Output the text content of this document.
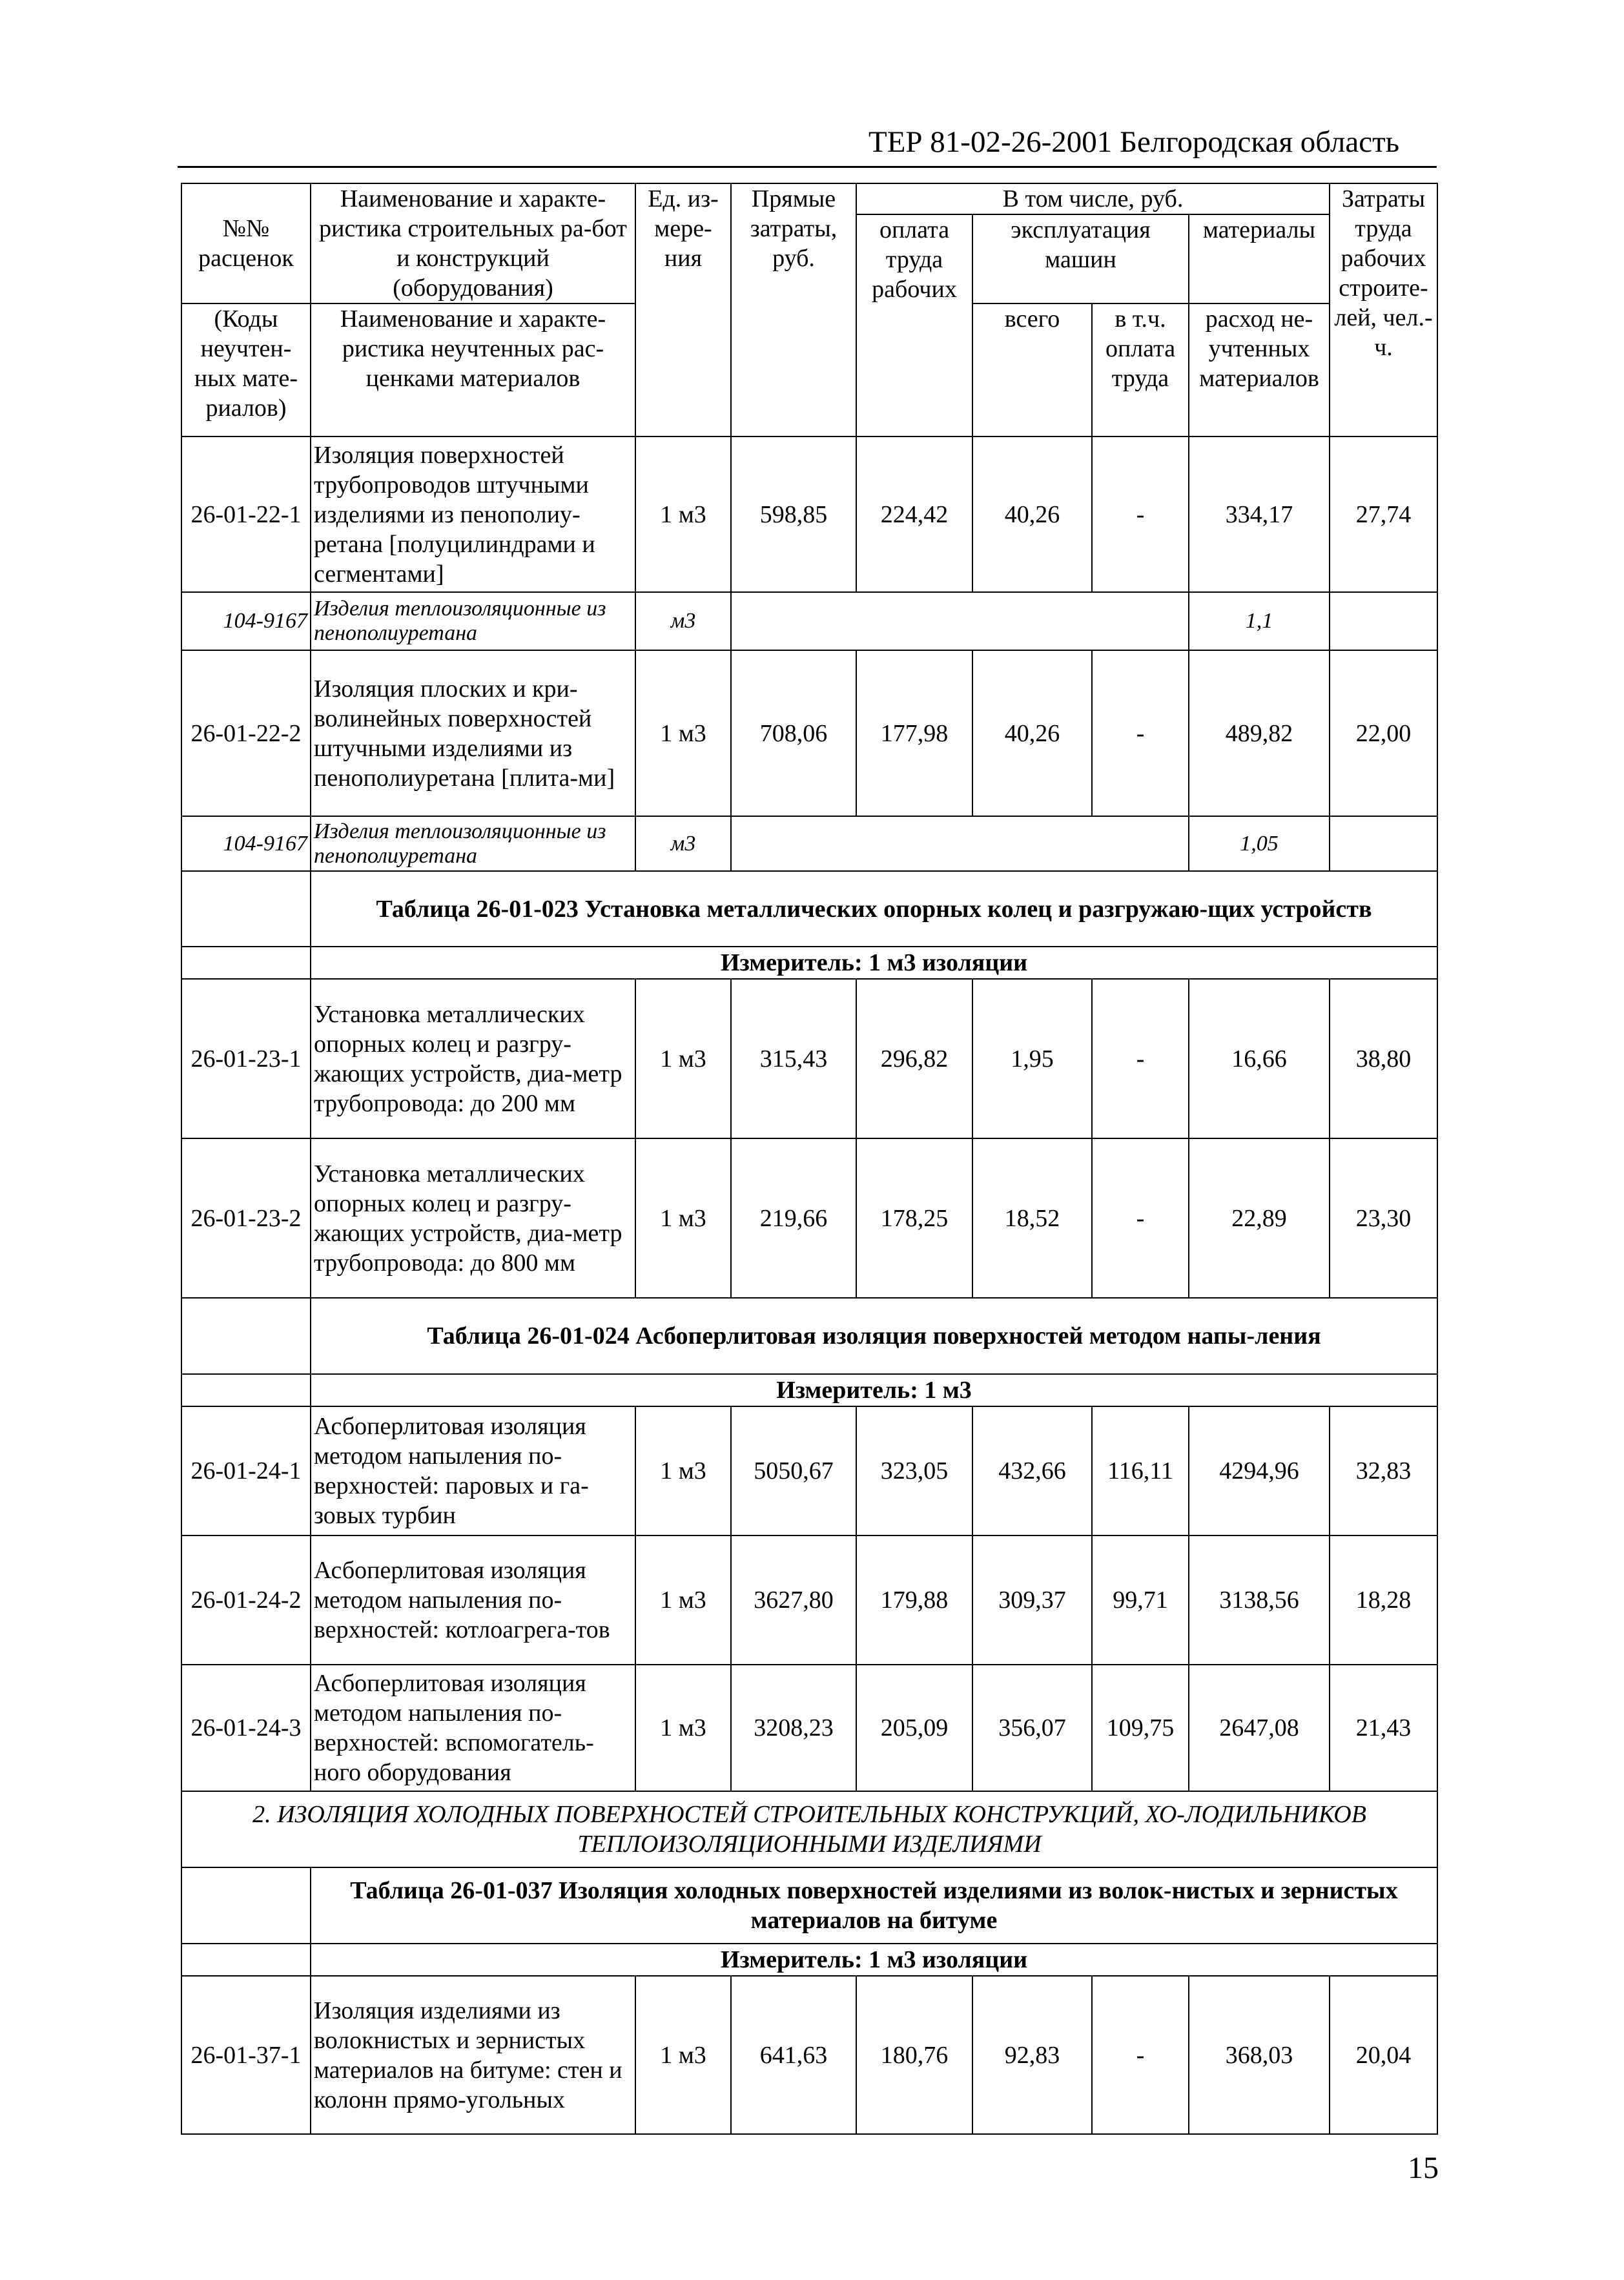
ТЕР 81-02-26-2001 Белгородская область
№№ расценок	Наименование и характе-ристика строительных ра-бот и конструкций (оборудования)	Ед. из-мере-ния	Прямые затраты, руб.	В том числе, руб.				Затраты труда рабочих строите-лей, чел.-ч.
				оплата труда рабочих	эксплуатация машин		материалы	
(Коды неучтен-ных мате-риалов)	Наименование и характе-ристика неучтенных рас-ценками материалов				всего	в т.ч. оплата труда	расход не-учтенных материалов	

26-01-22-1	Изоляция поверхностей трубопроводов штучными изделиями из пенополиу-ретана [полуцилиндрами и сегментами]	1 м3	598,85	224,42	40,26	-	334,17	27,74
104-9167	Изделия теплоизоляционные из пенополиуретана	м3					1,1	
26-01-22-2	Изоляция плоских и кри-волинейных поверхностей штучными изделиями из пенополиуретана [плита-ми]	1 м3	708,06	177,98	40,26	-	489,82	22,00
104-9167	Изделия теплоизоляционные из пенополиуретана	м3					1,05	
	Таблица 26-01-023 Установка металлических опорных колец и разгружаю-щих устройств							
	Измеритель: 1 м3 изоляции							
26-01-23-1	Установка металлических опорных колец и разгру-жающих устройств, диа-метр трубопровода: до 200 мм	1 м3	315,43	296,82	1,95	-	16,66	38,80
26-01-23-2	Установка металлических опорных колец и разгру-жающих устройств, диа-метр трубопровода: до 800 мм	1 м3	219,66	178,25	18,52	-	22,89	23,30
	Таблица 26-01-024 Асбоперлитовая изоляция поверхностей методом напы-ления							
	Измеритель: 1 м3							
26-01-24-1	Асбоперлитовая изоляция методом напыления по-верхностей: паровых и га-зовых турбин	1 м3	5050,67	323,05	432,66	116,11	4294,96	32,83
26-01-24-2	Асбоперлитовая изоляция методом напыления по-верхностей: котлоагрега-тов	1 м3	3627,80	179,88	309,37	99,71	3138,56	18,28
26-01-24-3	Асбоперлитовая изоляция методом напыления по-верхностей: вспомогатель-ного оборудования	1 м3	3208,23	205,09	356,07	109,75	2647,08	21,43
2. ИЗОЛЯЦИЯ ХОЛОДНЫХ ПОВЕРХНОСТЕЙ СТРОИТЕЛЬНЫХ КОНСТРУКЦИЙ, ХО-ЛОДИЛЬНИКОВ ТЕПЛОИЗОЛЯЦИОННЫМИ ИЗДЕЛИЯМИ								
	Таблица 26-01-037 Изоляция холодных поверхностей изделиями из волок-нистых и зернистых материалов на битуме							
	Измеритель: 1 м3 изоляции							
26-01-37-1	Изоляция изделиями из волокнистых и зернистых материалов на битуме: стен и колонн прямо-угольных	1 м3	641,63	180,76	92,83	-	368,03	20,04
15
